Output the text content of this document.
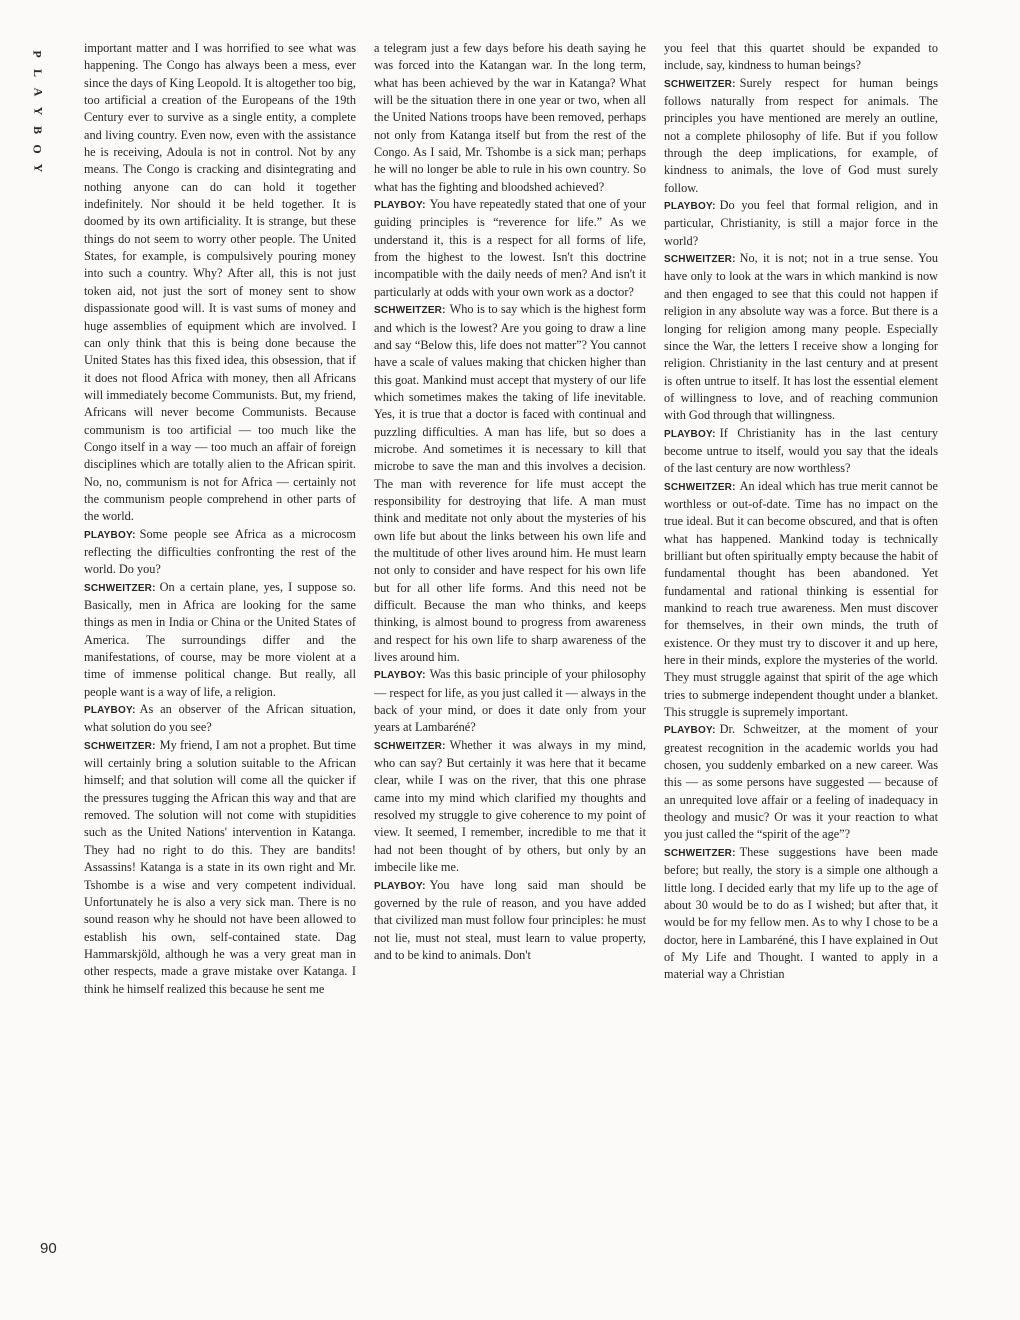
P
L
A
Y
B
O
Y

important matter and I was horrified to see what was happening. The Congo has always been a mess, ever since the days of King Leopold. It is altogether too big, too artificial a creation of the Europeans of the 19th Century ever to survive as a single entity, a complete and living country. Even now, even with the assistance he is receiving, Adoula is not in control. Not by any means. The Congo is cracking and disintegrating and nothing anyone can do can hold it together indefinitely. Nor should it be held together. It is doomed by its own artificiality. It is strange, but these things do not seem to worry other people. The United States, for example, is compulsively pouring money into such a country. Why? After all, this is not just token aid, not just the sort of money sent to show dispassionate good will. It is vast sums of money and huge assemblies of equipment which are involved. I can only think that this is being done because the United States has this fixed idea, this obsession, that if it does not flood Africa with money, then all Africans will immediately become Communists. But, my friend, Africans will never become Communists. Because communism is too artificial — too much like the Congo itself in a way — too much an affair of foreign disciplines which are totally alien to the African spirit. No, no, communism is not for Africa — certainly not the communism people comprehend in other parts of the world.

PLAYBOY: Some people see Africa as a microcosm reflecting the difficulties confronting the rest of the world. Do you?

SCHWEITZER: On a certain plane, yes, I suppose so. Basically, men in Africa are looking for the same things as men in India or China or the United States of America. The surroundings differ and the manifestations, of course, may be more violent at a time of immense political change. But really, all people want is a way of life, a religion.

PLAYBOY: As an observer of the African situation, what solution do you see?

SCHWEITZER: My friend, I am not a prophet. But time will certainly bring a solution suitable to the African himself; and that solution will come all the quicker if the pressures tugging the African this way and that are removed. The solution will not come with stupidities such as the United Nations' intervention in Katanga. They had no right to do this. They are bandits! Assassins! Katanga is a state in its own right and Mr. Tshombe is a wise and very competent individual. Unfortunately he is also a very sick man. There is no sound reason why he should not have been allowed to establish his own, self-contained state. Dag Hammarskjöld, although he was a very great man in other respects, made a grave mistake over Katanga. I think he himself realized this because he sent me

a telegram just a few days before his death saying he was forced into the Katangan war. In the long term, what has been achieved by the war in Katanga? What will be the situation there in one year or two, when all the United Nations troops have been removed, perhaps not only from Katanga itself but from the rest of the Congo. As I said, Mr. Tshombe is a sick man; perhaps he will no longer be able to rule in his own country. So what has the fighting and bloodshed achieved?

PLAYBOY: You have repeatedly stated that one of your guiding principles is “reverence for life.” As we understand it, this is a respect for all forms of life, from the highest to the lowest. Isn't this doctrine incompatible with the daily needs of men? And isn't it particularly at odds with your own work as a doctor?

SCHWEITZER: Who is to say which is the highest form and which is the lowest? Are you going to draw a line and say “Below this, life does not matter”? You cannot have a scale of values making that chicken higher than this goat. Mankind must accept that mystery of our life which sometimes makes the taking of life inevitable. Yes, it is true that a doctor is faced with continual and puzzling difficulties. A man has life, but so does a microbe. And sometimes it is necessary to kill that microbe to save the man and this involves a decision. The man with reverence for life must accept the responsibility for destroying that life. A man must think and meditate not only about the mysteries of his own life but about the links between his own life and the multitude of other lives around him. He must learn not only to consider and have respect for his own life but for all other life forms. And this need not be difficult. Because the man who thinks, and keeps thinking, is almost bound to progress from awareness and respect for his own life to sharp awareness of the lives around him.

PLAYBOY: Was this basic principle of your philosophy — respect for life, as you just called it — always in the back of your mind, or does it date only from your years at Lambaréné?

SCHWEITZER: Whether it was always in my mind, who can say? But certainly it was here that it became clear, while I was on the river, that this one phrase came into my mind which clarified my thoughts and resolved my struggle to give coherence to my point of view. It seemed, I remember, incredible to me that it had not been thought of by others, but only by an imbecile like me.

PLAYBOY: You have long said man should be governed by the rule of reason, and you have added that civilized man must follow four principles: he must not lie, must not steal, must learn to value property, and to be kind to animals. Don't

you feel that this quartet should be expanded to include, say, kindness to human beings?

SCHWEITZER: Surely respect for human beings follows naturally from respect for animals. The principles you have mentioned are merely an outline, not a complete philosophy of life. But if you follow through the deep implications, for example, of kindness to animals, the love of God must surely follow.

PLAYBOY: Do you feel that formal religion, and in particular, Christianity, is still a major force in the world?

SCHWEITZER: No, it is not; not in a true sense. You have only to look at the wars in which mankind is now and then engaged to see that this could not happen if religion in any absolute way was a force. But there is a longing for religion among many people. Especially since the War, the letters I receive show a longing for religion. Christianity in the last century and at present is often untrue to itself. It has lost the essential element of willingness to love, and of reaching communion with God through that willingness.

PLAYBOY: If Christianity has in the last century become untrue to itself, would you say that the ideals of the last century are now worthless?

SCHWEITZER: An ideal which has true merit cannot be worthless or out-of-date. Time has no impact on the true ideal. But it can become obscured, and that is often what has happened. Mankind today is technically brilliant but often spiritually empty because the habit of fundamental thought has been abandoned. Yet fundamental and rational thinking is essential for mankind to reach true awareness. Men must discover for themselves, in their own minds, the truth of existence. Or they must try to discover it and up here, here in their minds, explore the mysteries of the world. They must struggle against that spirit of the age which tries to submerge independent thought under a blanket. This struggle is supremely important.

PLAYBOY: Dr. Schweitzer, at the moment of your greatest recognition in the academic worlds you had chosen, you suddenly embarked on a new career. Was this — as some persons have suggested — because of an unrequited love affair or a feeling of inadequacy in theology and music? Or was it your reaction to what you just called the “spirit of the age”?

SCHWEITZER: These suggestions have been made before; but really, the story is a simple one although a little long. I decided early that my life up to the age of about 30 would be to do as I wished; but after that, it would be for my fellow men. As to why I chose to be a doctor, here in Lambaréné, this I have explained in Out of My Life and Thought. I wanted to apply in a material way a Christian

90
